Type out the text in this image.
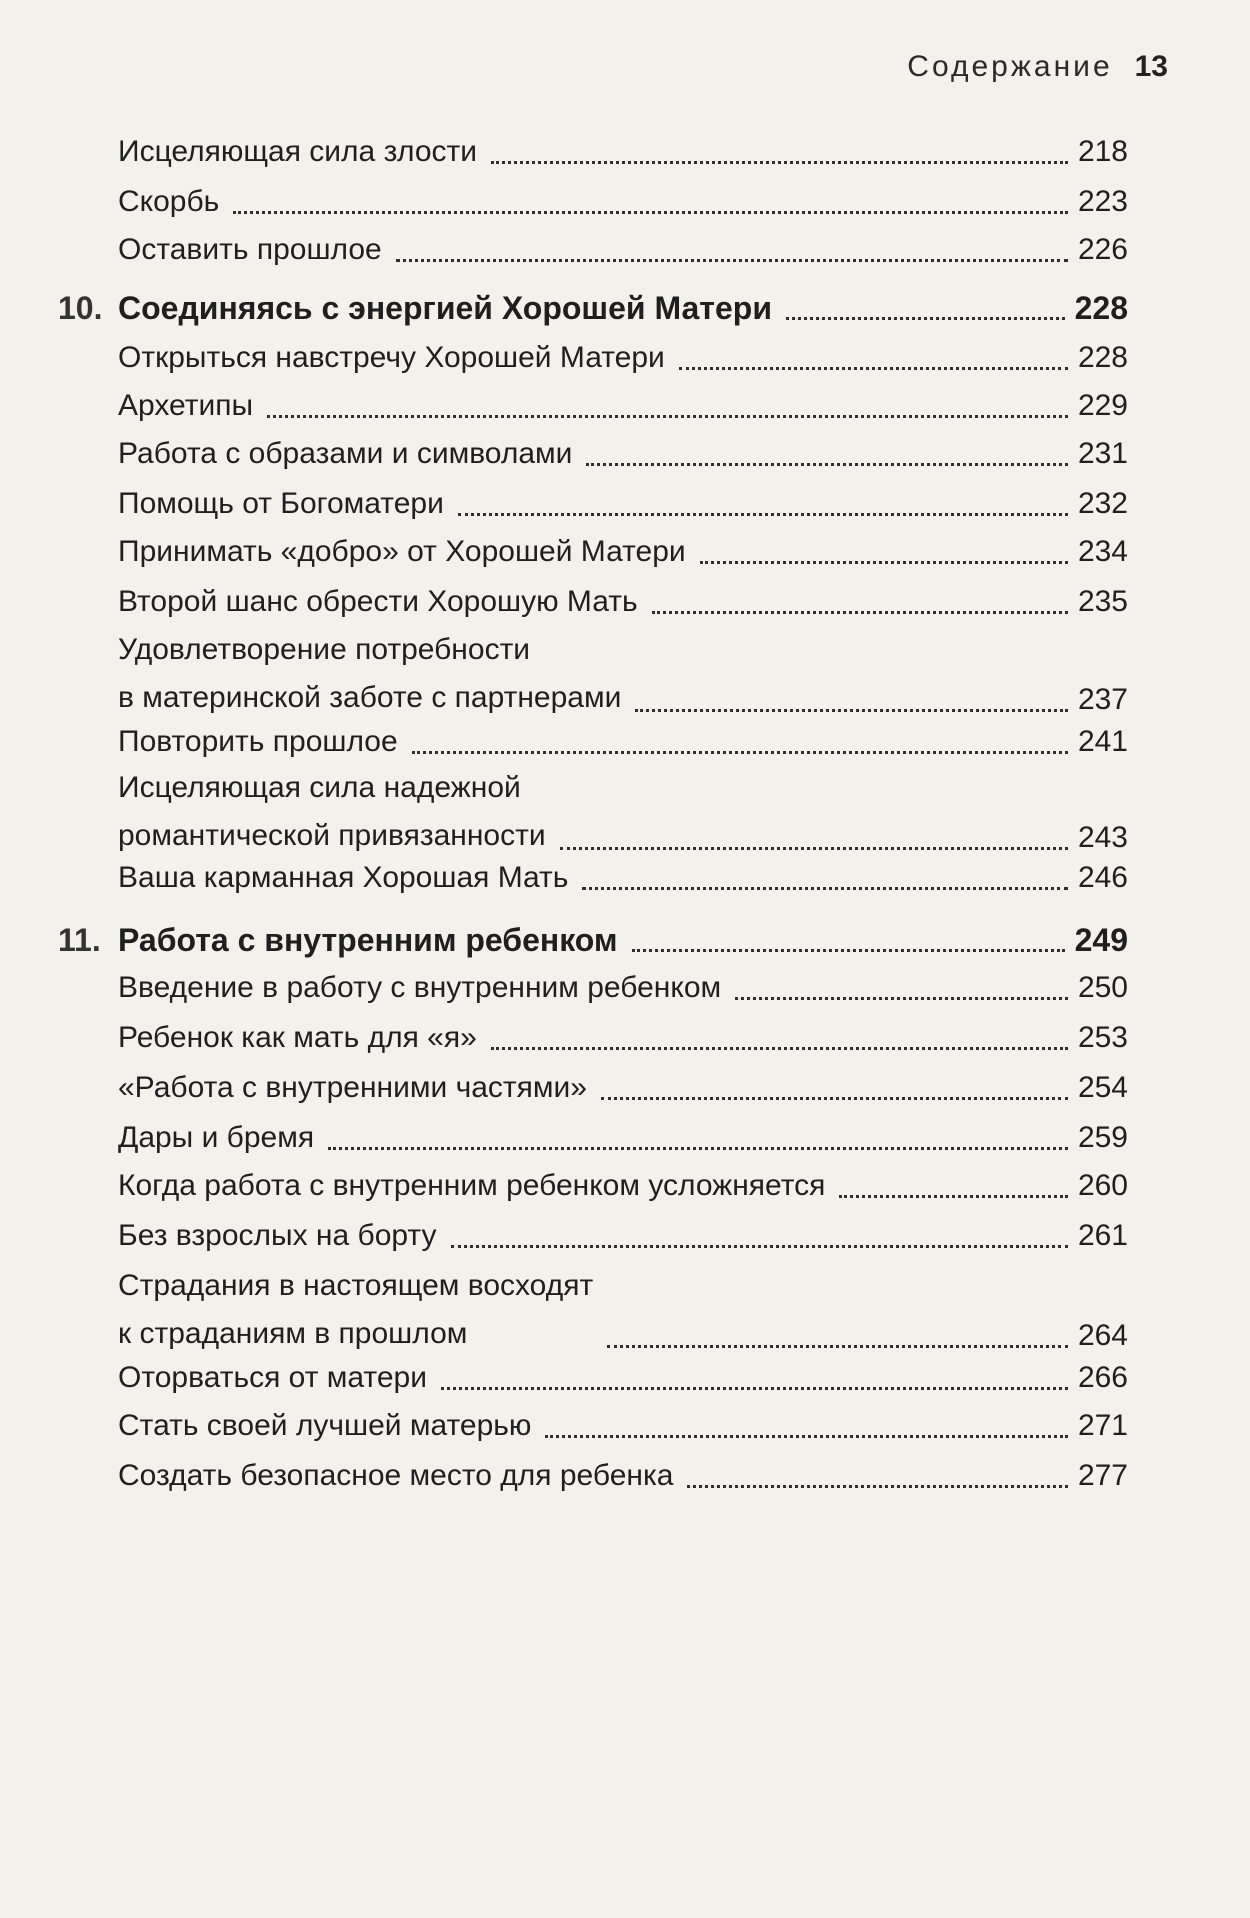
Содержание 13
Исцеляющая сила злости	218
Скорбь	223
Оставить прошлое	226
10. Соединяясь с энергией Хорошей Матери	228
Открыться навстречу Хорошей Матери	228
Архетипы	229
Работа с образами и символами	231
Помощь от Богоматери	232
Принимать «добро» от Хорошей Матери	234
Второй шанс обрести Хорошую Мать	235
Удовлетворение потребности
в материнской заботе с партнерами	237
Повторить прошлое	241
Исцеляющая сила надежной
романтической привязанности	243
Ваша карманная Хорошая Мать	246
11. Работа с внутренним ребенком	249
Введение в работу с внутренним ребенком	250
Ребенок как мать для «я»	253
«Работа с внутренними частями»	254
Дары и бремя	259
Когда работа с внутренним ребенком усложняется	260
Без взрослых на борту	261
Страдания в настоящем восходят
к страданиям в прошлом	264
Оторваться от матери	266
Стать своей лучшей матерью	271
Создать безопасное место для ребенка	277
